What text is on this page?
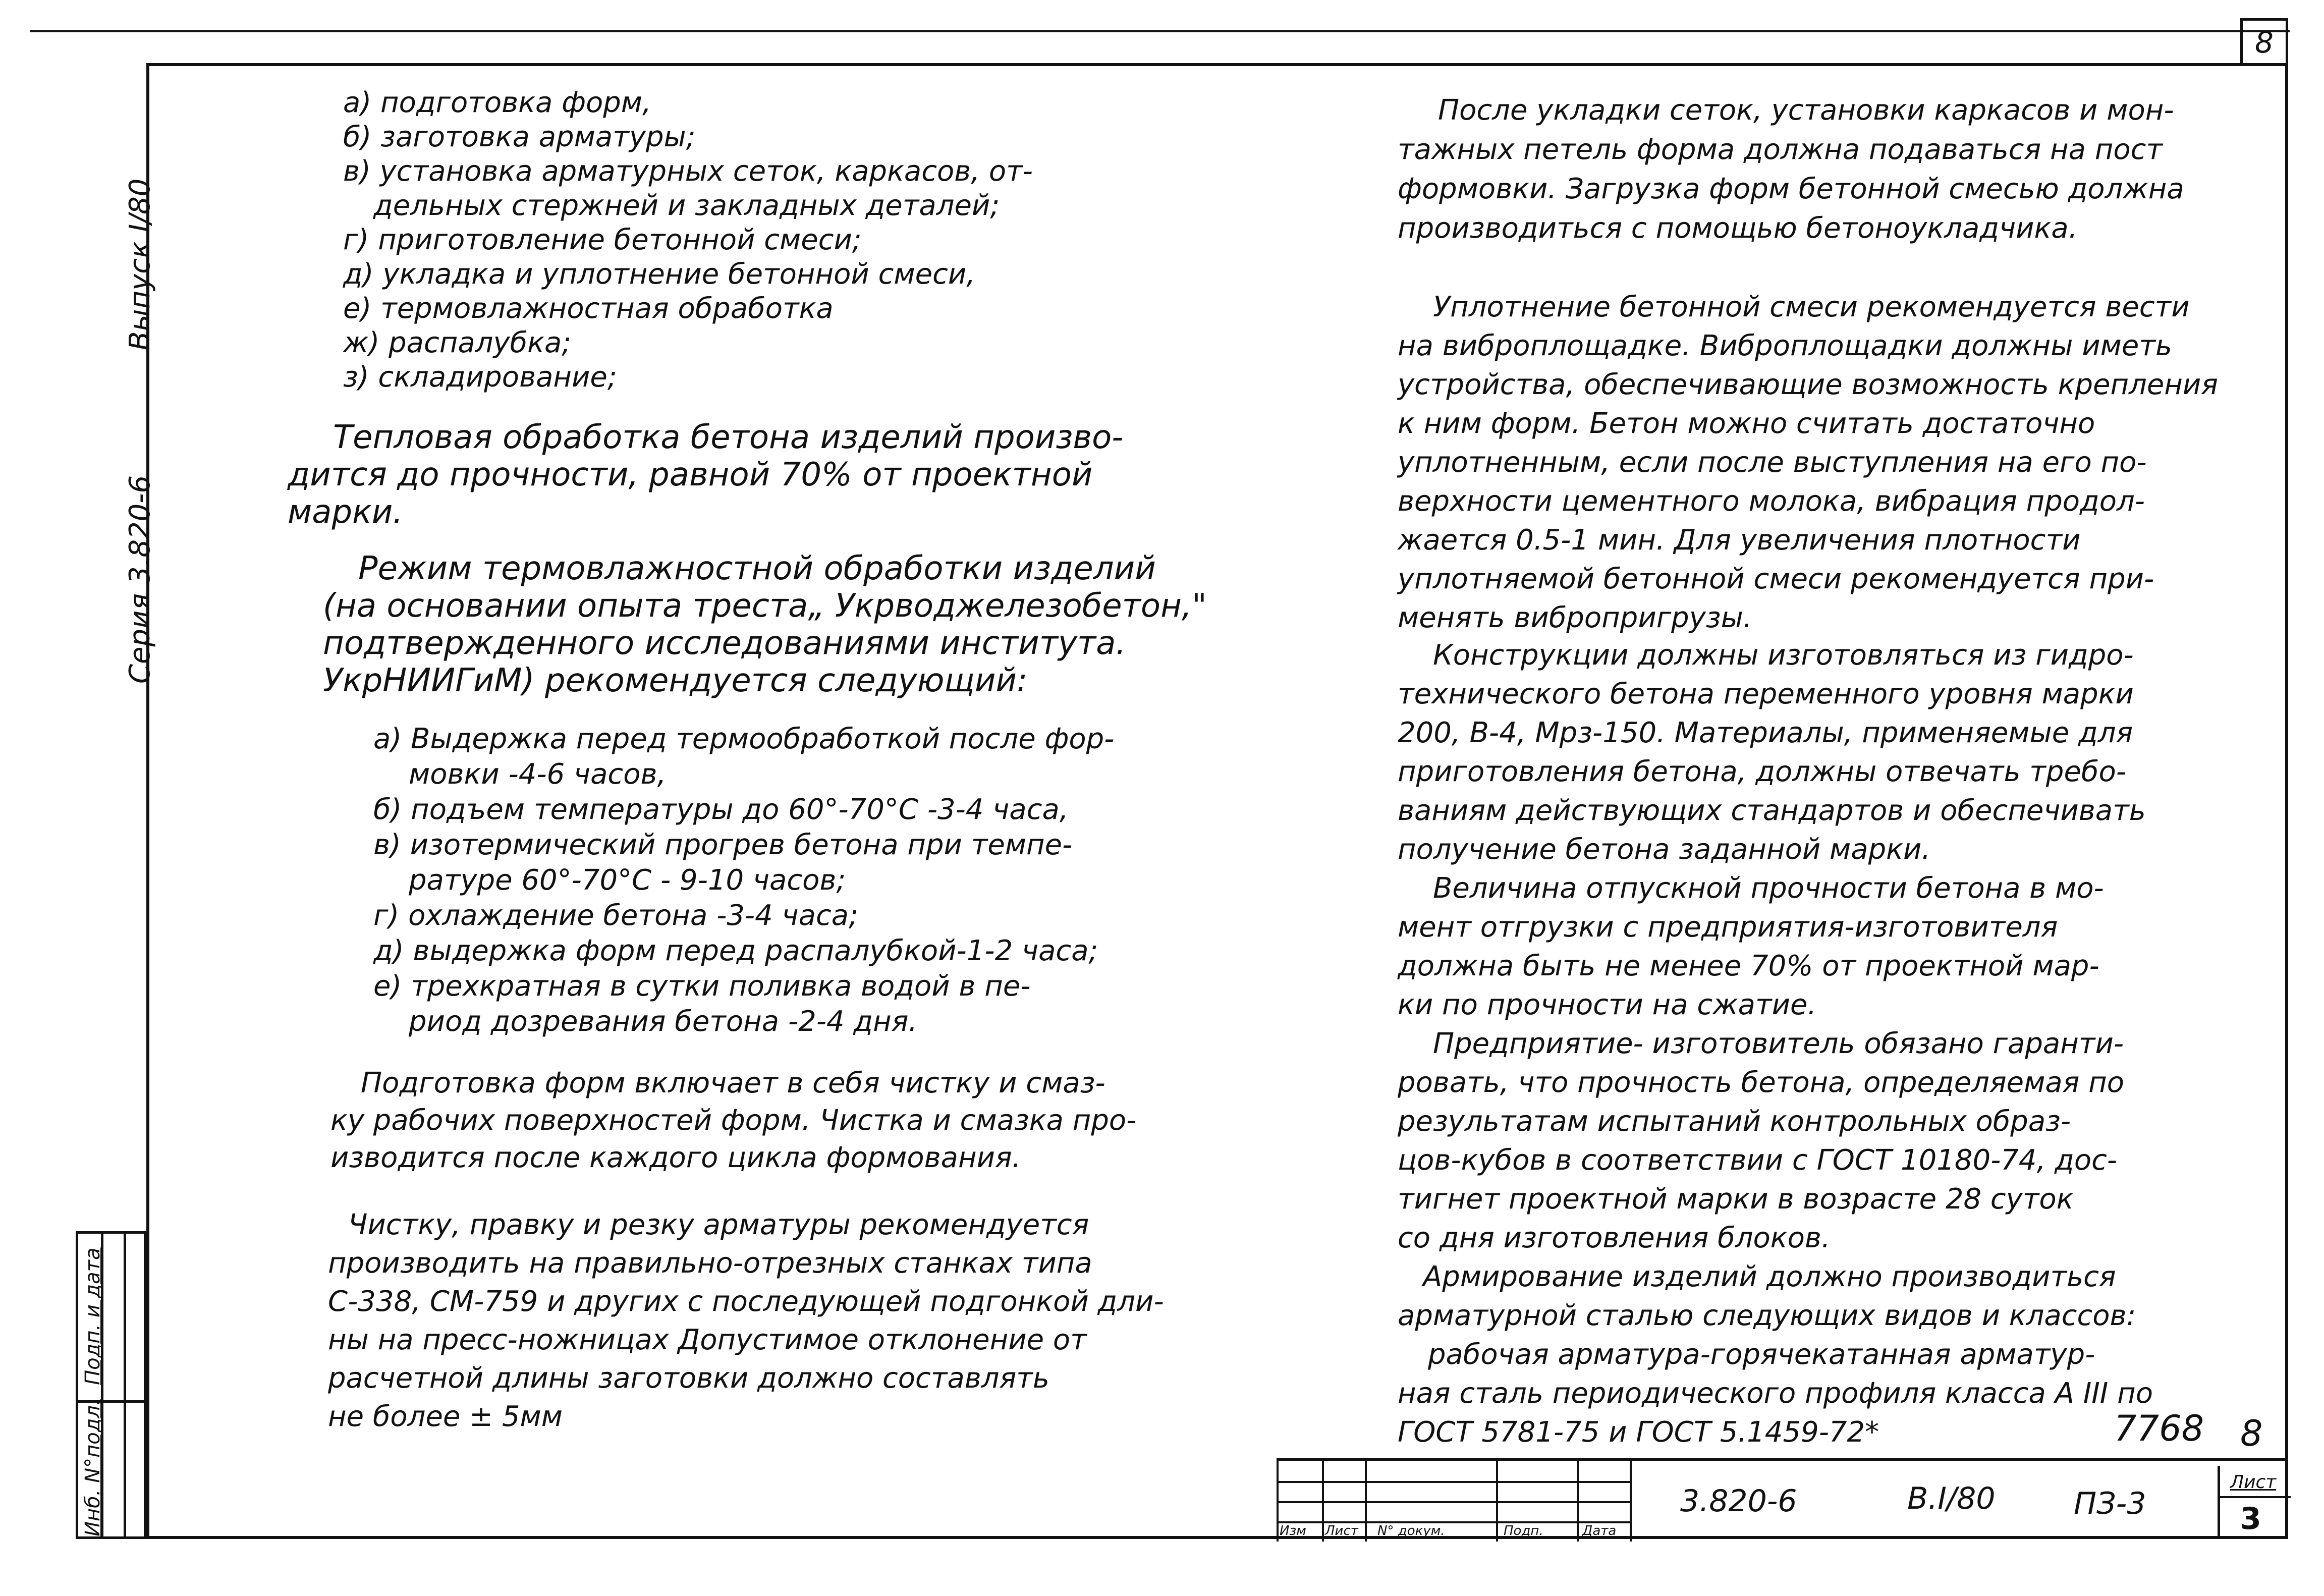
8
Серия 3.820-6
Выпуск I/80
Подп. и дата
Инб. N°подл.
а) подготовка форм,
б) заготовка арматуры;
в) установка арматурных сеток, каркасов, от-
дельных стержней и закладных деталей;
г) приготовление бетонной смеси;
д) укладка и уплотнение бетонной смеси,
е) термовлажностная обработка
ж) распалубка;
з) складирование;
Тепловая обработка бетона изделий произво-
дится до прочности, равной 70% от проектной
марки.
Режим термовлажностной обработки изделий
(на основании опыта треста„ Укрводжелезобетон,"
подтвержденного исследованиями института.
УкрНИИГиМ) рекомендуется следующий:
а) Выдержка перед термообработкой после фор-
мовки -4-6 часов,
б) подъем температуры до 60°-70°С -3-4 часа,
в) изотермический прогрев бетона при темпе-
ратуре 60°-70°С - 9-10 часов;
г) охлаждение бетона -3-4 часа;
д) выдержка форм перед распалубкой-1-2 часа;
е) трехкратная в сутки поливка водой в пе-
риод дозревания бетона -2-4 дня.
Подготовка форм включает в себя чистку и смаз-
ку рабочих поверхностей форм. Чистка и смазка про-
изводится после каждого цикла формования.
Чистку, правку и резку арматуры рекомендуется
производить на правильно-отрезных станках типа
С-338, СМ-759 и других с последующей подгонкой дли-
ны на пресс-ножницах Допустимое отклонение от
расчетной длины заготовки должно составлять
не более ± 5мм
После укладки сеток, установки каркасов и мон-
тажных петель форма должна подаваться на пост
формовки. Загрузка форм бетонной смесью должна
производиться с помощью бетоноукладчика.
Уплотнение бетонной смеси рекомендуется вести
на виброплощадке. Виброплощадки должны иметь
устройства, обеспечивающие возможность крепления
к ним форм. Бетон можно считать достаточно
уплотненным, если после выступления на его по-
верхности цементного молока, вибрация продол-
жается 0.5-1 мин. Для увеличения плотности
уплотняемой бетонной смеси рекомендуется при-
менять вибропригрузы.
Конструкции должны изготовляться из гидро-
технического бетона переменного уровня марки
200, В-4, Мрз-150. Материалы, применяемые для
приготовления бетона, должны отвечать требо-
ваниям действующих стандартов и обеспечивать
получение бетона заданной марки.
Величина отпускной прочности бетона в мо-
мент отгрузки с предприятия-изготовителя
должна быть не менее 70% от проектной мар-
ки по прочности на сжатие.
Предприятие- изготовитель обязано гаранти-
ровать, что прочность бетона, определяемая по
результатам испытаний контрольных образ-
цов-кубов в соответствии с ГОСТ 10180-74, дос-
тигнет проектной марки в возрасте 28 суток
со дня изготовления блоков.
Армирование изделий должно производиться
арматурной сталью следующих видов и классов:
рабочая арматура-горячекатанная арматур-
ная сталь периодического профиля класса А III по
ГОСТ 5781-75 и ГОСТ 5.1459-72*	7768 8
Изм Лист N° докум.	Подп.	Дата
3.820-6	В.I/80	ПЗ-3
Лист
3
